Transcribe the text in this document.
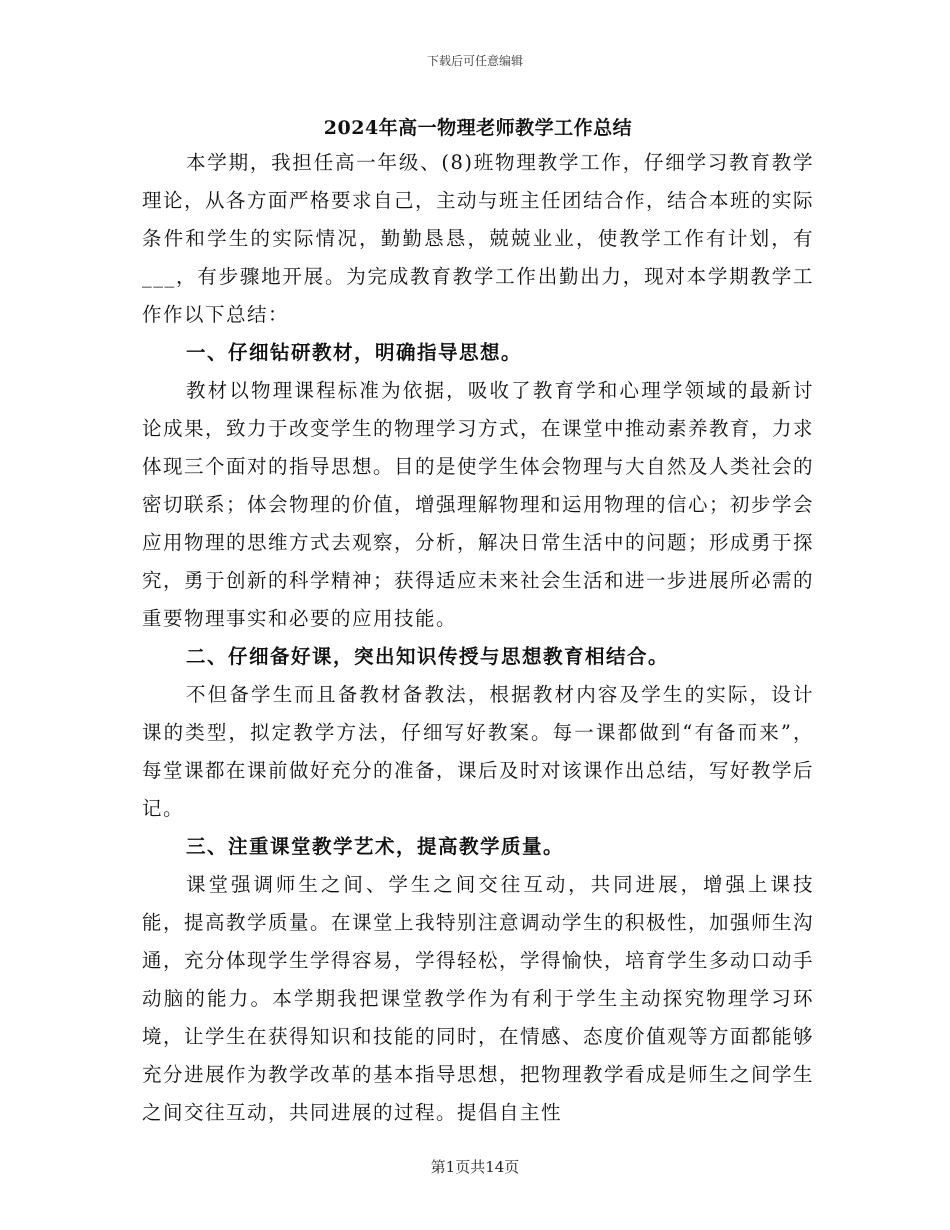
下载后可任意编辑
2024年高一物理老师教学工作总结

本学期，我担任高一年级、(8)班物理教学工作，仔细学习教育教学理论，从各方面严格要求自己，主动与班主任团结合作，结合本班的实际条件和学生的实际情况，勤勤恳恳，兢兢业业，使教学工作有计划，有___，有步骤地开展。为完成教育教学工作出勤出力，现对本学期教学工作作以下总结：

一、仔细钻研教材，明确指导思想。

教材以物理课程标准为依据，吸收了教育学和心理学领域的最新讨论成果，致力于改变学生的物理学习方式，在课堂中推动素养教育，力求体现三个面对的指导思想。目的是使学生体会物理与大自然及人类社会的密切联系；体会物理的价值，增强理解物理和运用物理的信心；初步学会应用物理的思维方式去观察，分析，解决日常生活中的问题；形成勇于探究，勇于创新的科学精神；获得适应未来社会生活和进一步进展所必需的重要物理事实和必要的应用技能。

二、仔细备好课，突出知识传授与思想教育相结合。

不但备学生而且备教材备教法，根据教材内容及学生的实际，设计课的类型，拟定教学方法，仔细写好教案。每一课都做到“有备而来”，每堂课都在课前做好充分的准备，课后及时对该课作出总结，写好教学后记。

三、注重课堂教学艺术，提高教学质量。

课堂强调师生之间、学生之间交往互动，共同进展，增强上课技能，提高教学质量。在课堂上我特别注意调动学生的积极性，加强师生沟通，充分体现学生学得容易，学得轻松，学得愉快，培育学生多动口动手动脑的能力。本学期我把课堂教学作为有利于学生主动探究物理学习环境，让学生在获得知识和技能的同时，在情感、态度价值观等方面都能够充分进展作为教学改革的基本指导思想，把物理教学看成是师生之间学生之间交往互动，共同进展的过程。提倡自主性

第1页共14页
